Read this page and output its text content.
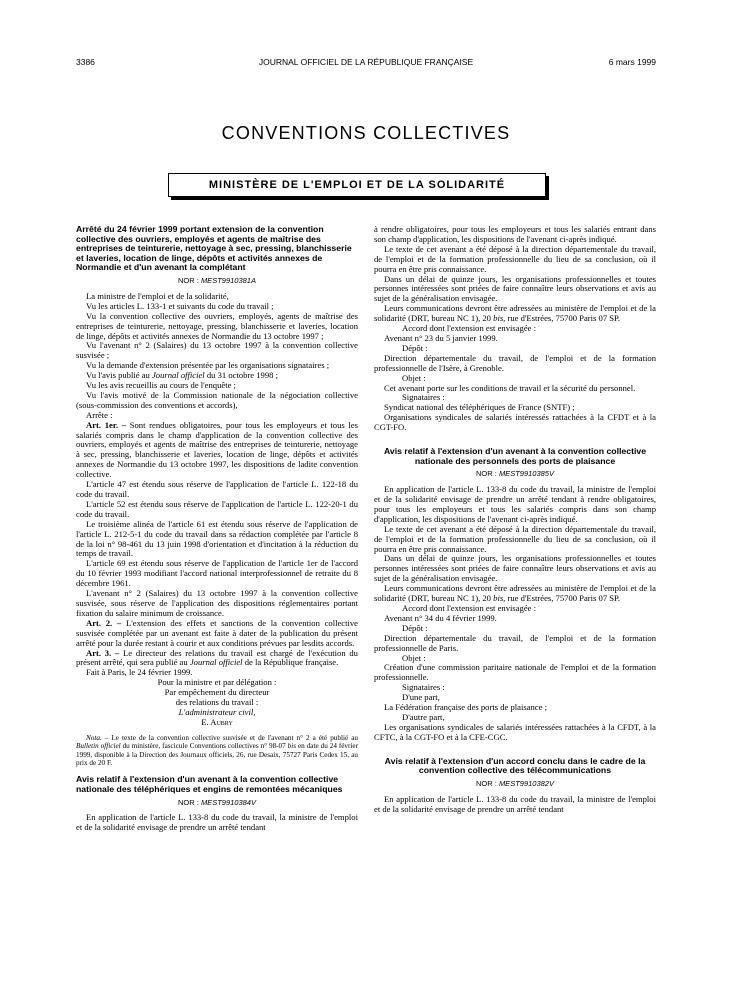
3386	JOURNAL OFFICIEL DE LA RÉPUBLIQUE FRANÇAISE	6 mars 1999
CONVENTIONS COLLECTIVES
MINISTÈRE DE L'EMPLOI ET DE LA SOLIDARITÉ

Arrêté du 24 février 1999 portant extension de la convention collective des ouvriers, employés et agents de maîtrise des entreprises de teinturerie, nettoyage à sec, pressing, blanchisserie et laveries, location de linge, dépôts et activités annexes de Normandie et d'un avenant la complétant

NOR : MESТ9910381A

La ministre de l'emploi et de la solidarité,

Vu les articles L. 133-1 et suivants du code du travail ;

Vu la convention collective des ouvriers, employés, agents de maîtrise des entreprises de teinturerie, nettoyage, pressing, blanchisserie et laveries, location de linge, dépôts et activités annexes de Normandie du 13 octobre 1997 ;

Vu l'avenant n° 2 (Salaires) du 13 octobre 1997 à la convention collective susvisée ;

Vu la demande d'extension présentée par les organisations signataires ;

Vu l'avis publié au Journal officiel du 31 octobre 1998 ;

Vu les avis recueillis au cours de l'enquête ;

Vu l'avis motivé de la Commission nationale de la négociation collective (sous-commission des conventions et accords),

Arrête :

Art. 1er. – Sont rendues obligatoires, pour tous les employeurs et tous les salariés compris dans le champ d'application de la convention collective des ouvriers, employés et agents de maîtrise des entreprises de teinturerie, nettoyage à sec, pressing, blanchisserie et laveries, location de linge, dépôts et activités annexes de Normandie du 13 octobre 1997, les dispositions de ladite convention collective.

L'article 47 est étendu sous réserve de l'application de l'article L. 122-18 du code du travail.

L'article 52 est étendu sous réserve de l'application de l'article L. 122-20-1 du code du travail.

Le troisième alinéa de l'article 61 est étendu sous réserve de l'application de l'article L. 212-5-1 du code du travail dans sa rédaction complétée par l'article 8 de la loi n° 98-461 du 13 juin 1998 d'orientation et d'incitation à la réduction du temps de travail.

L'article 69 est étendu sous réserve de l'application de l'article 1er de l'accord du 10 février 1993 modifiant l'accord national interprofessionnel de retraite du 8 décembre 1961.

L'avenant n° 2 (Salaires) du 13 octobre 1997 à la convention collective susvisée, sous réserve de l'application des dispositions réglementaires portant fixation du salaire minimum de croissance.

Art. 2. – L'extension des effets et sanctions de la convention collective susvisée complétée par un avenant est faite à dater de la publication du présent arrêté pour la durée restant à courir et aux conditions prévues par lesdits accords.

Art. 3. – Le directeur des relations du travail est chargé de l'exécution du présent arrêté, qui sera publié au Journal officiel de la République française.

Fait à Paris, le 24 février 1999.

Pour la ministre et par délégation :

Par empêchement du directeur

des relations du travail :

L'administrateur civil,

E. Aubry

Nota. – Le texte de la convention collective susvisée et de l'avenant n° 2 a été publié au Bulletin officiel du ministère, fascicule Conventions collectives n° 98-07 bis en date du 24 février 1999, disponible à la Direction des Journaux officiels, 26, rue Desaix, 75727 Paris Cedex 15, au prix de 20 F.

Avis relatif à l'extension d'un avenant à la convention collective nationale des téléphériques et engins de remontées mécaniques

NOR : MESТ9910384V

En application de l'article L. 133-8 du code du travail, la ministre de l'emploi et de la solidarité envisage de prendre un arrêté tendant

à rendre obligatoires, pour tous les employeurs et tous les salariés entrant dans son champ d'application, les dispositions de l'avenant ci-après indiqué.

Le texte de cet avenant a été déposé à la direction départementale du travail, de l'emploi et de la formation professionnelle du lieu de sa conclusion, où il pourra en être pris connaissance.

Dans un délai de quinze jours, les organisations professionnelles et toutes personnes intéressées sont priées de faire connaître leurs observations et avis au sujet de la généralisation envisagée.

Leurs communications devront être adressées au ministère de l'emploi et de la solidarité (DRT, bureau NC 1), 20 bis, rue d'Estrées, 75700 Paris 07 SP.

Accord dont l'extension est envisagée :

Avenant n° 23 du 5 janvier 1999.

Dépôt :

Direction départementale du travail, de l'emploi et de la formation professionnelle de l'Isère, à Grenoble.

Objet :

Cet avenant porte sur les conditions de travail et la sécurité du personnel.

Signataires :

Syndicat national des téléphériques de France (SNTF) ;

Organisations syndicales de salariés intéressés rattachées à la CFDT et à la CGT-FO.

Avis relatif à l'extension d'un avenant à la convention collective nationale des personnels des ports de plaisance

NOR : MESТ9910385V

En application de l'article L. 133-8 du code du travail, la ministre de l'emploi et de la solidarité envisage de prendre un arrêté tendant à rendre obligatoires, pour tous les employeurs et tous les salariés compris dans son champ d'application, les dispositions de l'avenant ci-après indiqué.

Le texte de cet avenant a été déposé à la direction départementale du travail, de l'emploi et de la formation professionnelle du lieu de sa conclusion, où il pourra en être pris connaissance.

Dans un délai de quinze jours, les organisations professionnelles et toutes personnes intéressées sont priées de faire connaître leurs observations et avis au sujet de la généralisation envisagée.

Leurs communications devront être adressées au ministère de l'emploi et de la solidarité (DRT, bureau NC 1), 20 bis, rue d'Estrées, 75700 Paris 07 SP.

Accord dont l'extension est envisagée :

Avenant n° 34 du 4 février 1999.

Dépôt :

Direction départementale du travail, de l'emploi et de la formation professionnelle de Paris.

Objet :

Création d'une commission paritaire nationale de l'emploi et de la formation professionnelle.

Signataires :

D'une part,

La Fédération française des ports de plaisance ;

D'autre part,

Les organisations syndicales de salariés intéressées rattachées à la CFDT, à la CFTC, à la CGT-FO et à la CFE-CGC.

Avis relatif à l'extension d'un accord conclu dans le cadre de la convention collective des télécommunications

NOR : MESТ9910382V

En application de l'article L. 133-8 du code du travail, la ministre de l'emploi et de la solidarité envisage de prendre un arrêté tendant
